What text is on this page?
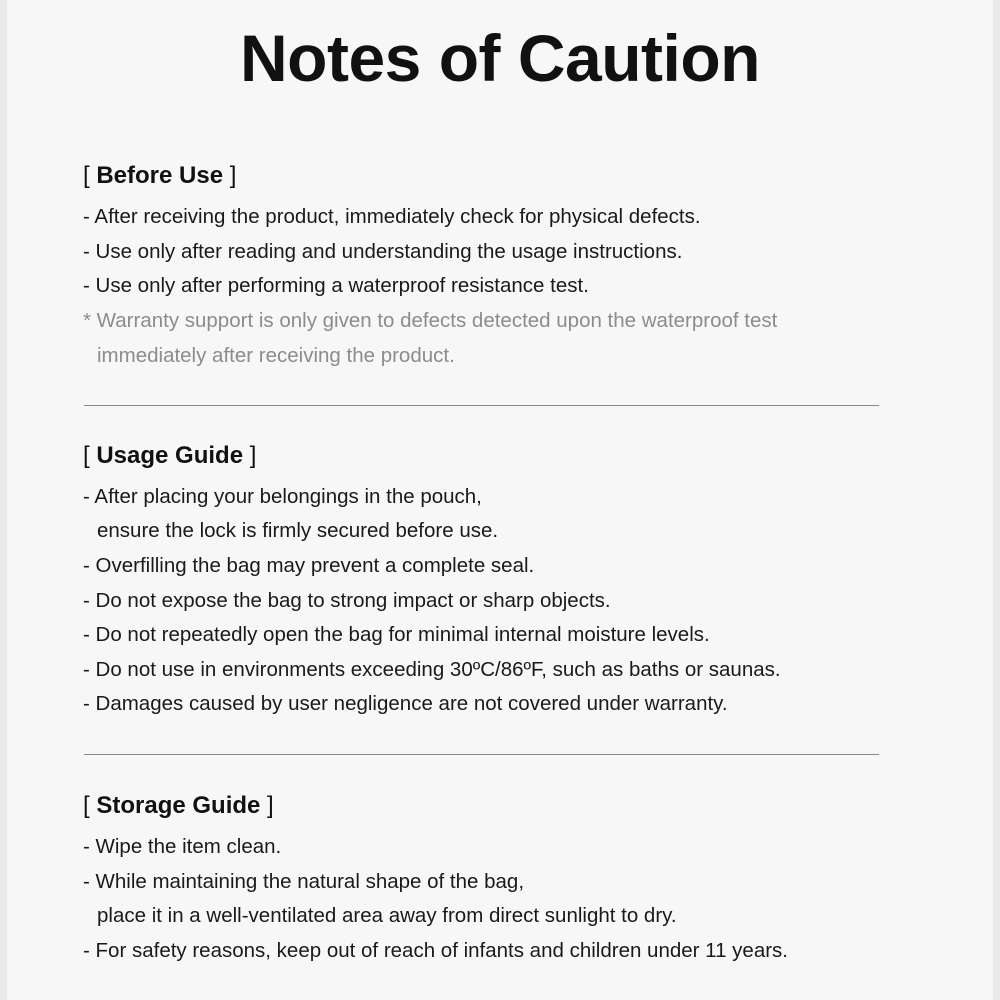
Notes of Caution
[ Before Use ]
- After receiving the product, immediately check for physical defects.
- Use only after reading and understanding the usage instructions.
- Use only after performing a waterproof resistance test.
* Warranty support is only given to defects detected upon the waterproof test
immediately after receiving the product.
[ Usage Guide ]
- After placing your belongings in the pouch,
ensure the lock is firmly secured before use.
- Overfilling the bag may prevent a complete seal.
- Do not expose the bag to strong impact or sharp objects.
- Do not repeatedly open the bag for minimal internal moisture levels.
- Do not use in environments exceeding 30ºC/86ºF, such as baths or saunas.
- Damages caused by user negligence are not covered under warranty.
[ Storage Guide ]
- Wipe the item clean.
- While maintaining the natural shape of the bag,
place it in a well-ventilated area away from direct sunlight to dry.
- For safety reasons, keep out of reach of infants and children under 11 years.
